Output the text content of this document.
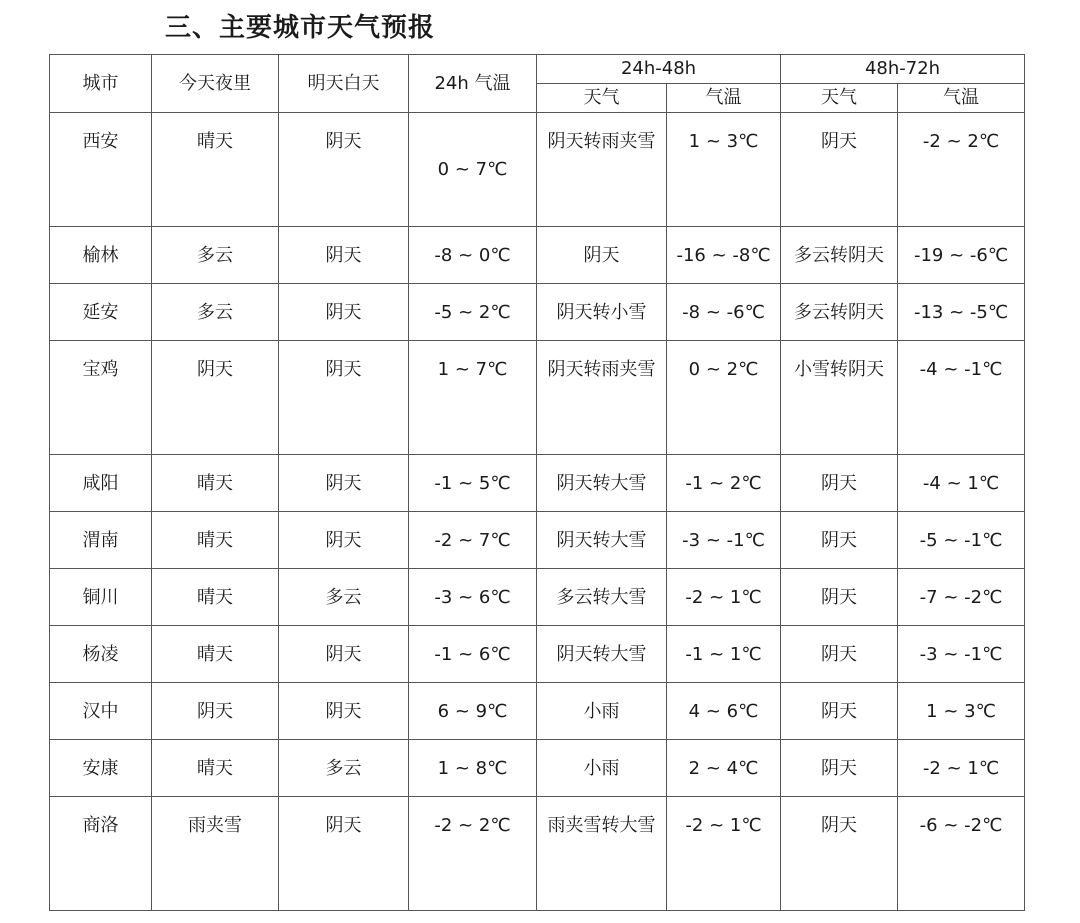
三、主要城市天气预报
城市	今天夜里	明天白天	24h 气温	24h-48h		48h-72h	
				天气	气温	天气	气温
西安	晴天	阴天	0 ~ 7℃	阴天转雨夹雪	1 ~ 3℃	阴天	-2 ~ 2℃
榆林	多云	阴天	-8 ~ 0℃	阴天	-16 ~ -8℃	多云转阴天	-19 ~ -6℃
延安	多云	阴天	-5 ~ 2℃	阴天转小雪	-8 ~ -6℃	多云转阴天	-13 ~ -5℃
宝鸡	阴天	阴天	1 ~ 7℃	阴天转雨夹雪	0 ~ 2℃	小雪转阴天	-4 ~ -1℃
咸阳	晴天	阴天	-1 ~ 5℃	阴天转大雪	-1 ~ 2℃	阴天	-4 ~ 1℃
渭南	晴天	阴天	-2 ~ 7℃	阴天转大雪	-3 ~ -1℃	阴天	-5 ~ -1℃
铜川	晴天	多云	-3 ~ 6℃	多云转大雪	-2 ~ 1℃	阴天	-7 ~ -2℃
杨凌	晴天	阴天	-1 ~ 6℃	阴天转大雪	-1 ~ 1℃	阴天	-3 ~ -1℃
汉中	阴天	阴天	6 ~ 9℃	小雨	4 ~ 6℃	阴天	1 ~ 3℃
安康	晴天	多云	1 ~ 8℃	小雨	2 ~ 4℃	阴天	-2 ~ 1℃
商洛	雨夹雪	阴天	-2 ~ 2℃	雨夹雪转大雪	-2 ~ 1℃	阴天	-6 ~ -2℃
